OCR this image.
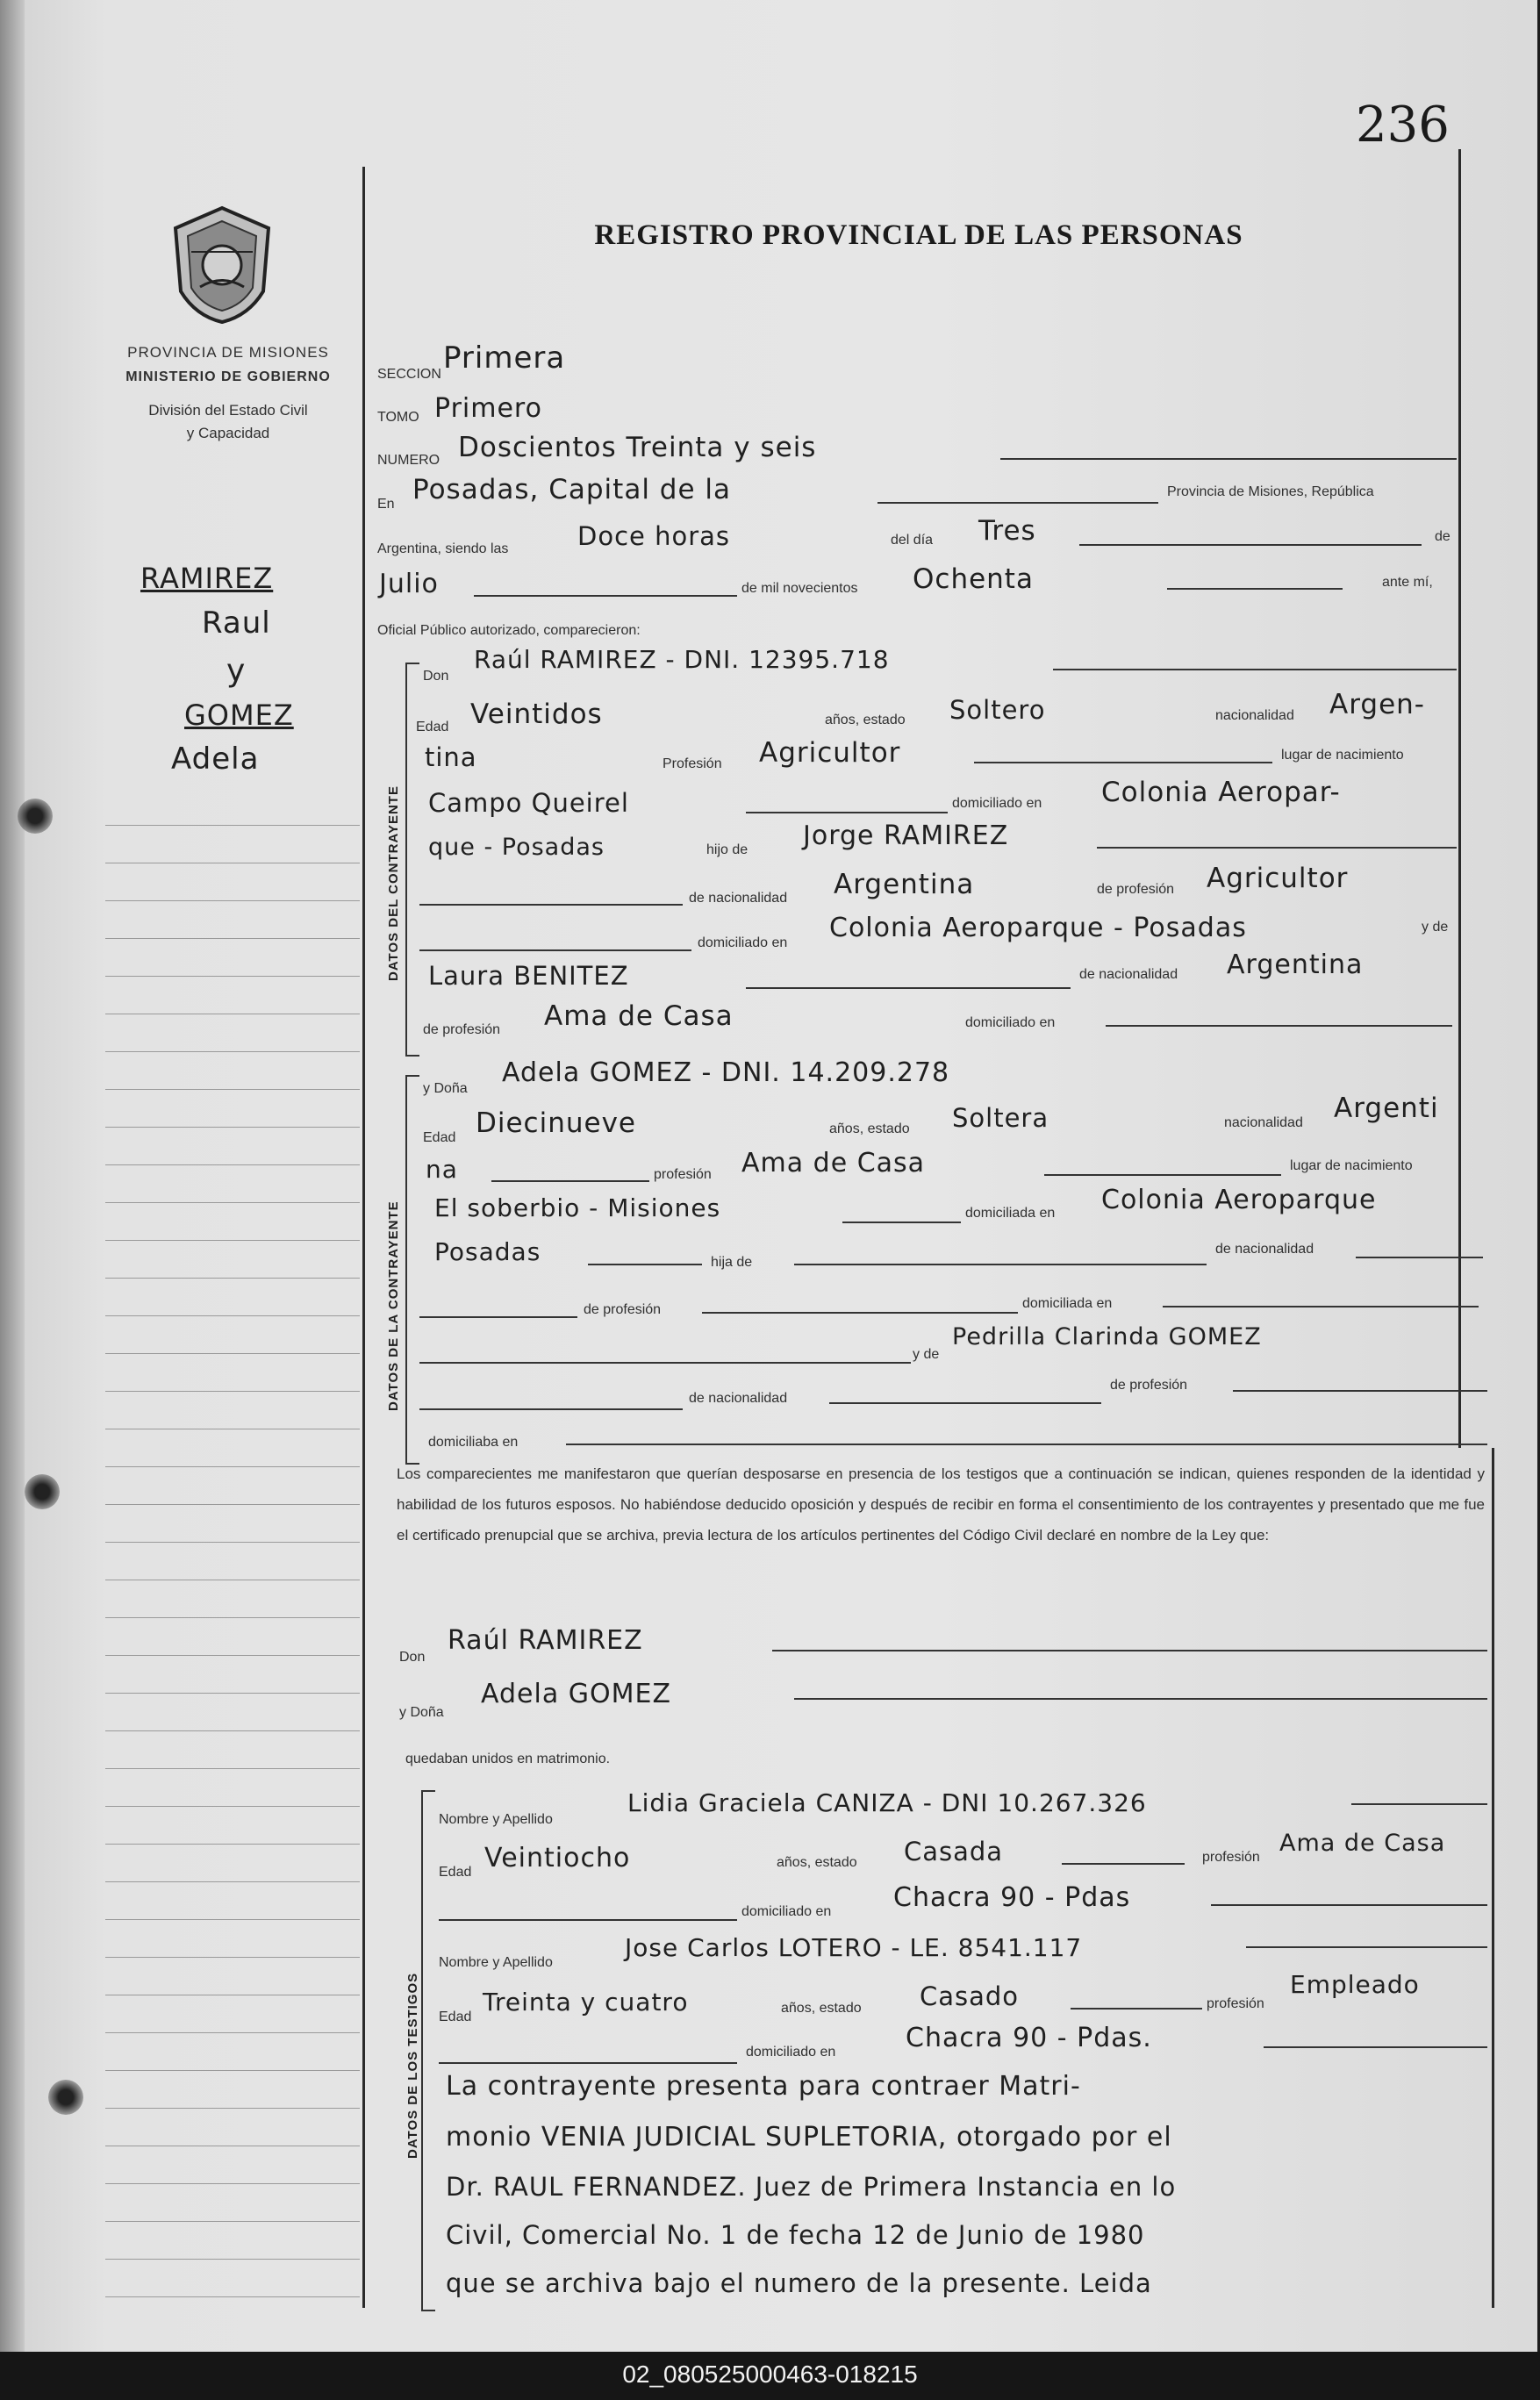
236
PROVINCIA DE MISIONES
MINISTERIO DE GOBIERNO
División del Estado Civil
y Capacidad
RAMIREZ
Raul
y
GOMEZ
Adela
REGISTRO PROVINCIAL DE LAS PERSONAS
SECCION Primera
TOMO Primero
NUMERO Doscientos Treinta y seis
En Posadas, Capital de la	Provincia de Misiones, República
Argentina, siendo las	Doce horas	del día Tres	de
Julio	de mil novecientos Ochenta	ante mí,
Oficial Público autorizado, comparecieron:
DATOS DEL CONTRAYENTE
Don
Raúl RAMIREZ - DNI. 12395.718
Edad Veintidos	años, estado Soltero	nacionalidad Argen-
tina	Profesión Agricultor	lugar de nacimiento
Campo Queirel	domiciliado en Colonia Aeropar-
que - Posadas	hijo de Jorge RAMIREZ
de nacionalidad Argentina	de profesión Agricultor
domiciliado en Colonia Aeroparque - Posadas	y de
Laura BENITEZ	de nacionalidad Argentina
de profesión Ama de Casa	domiciliado en
DATOS DE LA CONTRAYENTE
y Doña
Adela GOMEZ - DNI. 14.209.278
Edad Diecinueve	años, estado Soltera	nacionalidad Argenti
na	profesión Ama de Casa	lugar de nacimiento
El soberbio - Misiones	domiciliada en Colonia Aeroparque
Posadas	hija de
de nacionalidad
de profesión	domiciliada en
y de
Pedrilla Clarinda GOMEZ
de nacionalidad
de profesión
domiciliaba en
Los comparecientes me manifestaron que querían desposarse en presencia de los testigos que a continuación se indican, quienes responden de la identidad y habilidad de los futuros esposos. No habiéndose deducido oposición y después de recibir en forma el consentimiento de los contrayentes y presentado que me fue el certificado prenupcial que se archiva, previa lectura de los artículos pertinentes del Código Civil declaré en nombre de la Ley que:
Don
Raúl RAMIREZ
y Doña
Adela GOMEZ
quedaban unidos en matrimonio.
DATOS DE LOS TESTIGOS
Nombre y Apellido
Lidia Graciela CANIZA - DNI 10.267.326
Edad Veintiocho	años, estado Casada	profesión
Ama de Casa
domiciliado en Chacra 90 - Pdas
Nombre y Apellido
Jose Carlos LOTERO - LE. 8541.117
Edad
Treinta y cuatro	años, estado Casado	profesión
Empleado
domiciliado en	Chacra 90 - Pdas.
La contrayente presenta para contraer Matri-
monio VENIA JUDICIAL SUPLETORIA, otorgado por el
Dr. RAUL FERNANDEZ. Juez de Primera Instancia en lo
Civil, Comercial No. 1 de fecha 12 de Junio de 1980
que se archiva bajo el numero de la presente. Leida
02_080525000463-018215
